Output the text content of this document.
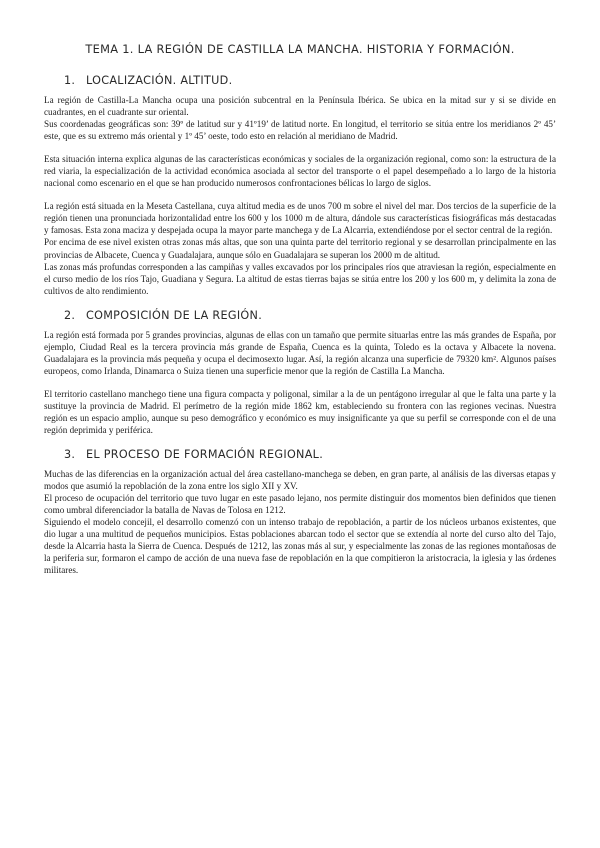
TEMA 1. LA REGIÓN DE CASTILLA LA MANCHA. HISTORIA Y FORMACIÓN.
1. LOCALIZACIÓN. ALTITUD.

La región de Castilla-La Mancha ocupa una posición subcentral en la Península Ibérica. Se ubica en la mitad sur y si se divide en cuadrantes, en el cuadrante sur oriental.

Sus coordenadas geográficas son: 39º de latitud sur y 41º19’ de latitud norte. En longitud, el territorio se sitúa entre los meridianos 2º 45’ este, que es su extremo más oriental y 1º 45’ oeste, todo esto en relación al meridiano de Madrid.

Esta situación interna explica algunas de las características económicas y sociales de la organización regional, como son: la estructura de la red viaria, la especialización de la actividad económica asociada al sector del transporte o el papel desempeñado a lo largo de la historia nacional como escenario en el que se han producido numerosos confrontaciones bélicas lo largo de siglos.

La región está situada en la Meseta Castellana, cuya altitud media es de unos 700 m sobre el nivel del mar. Dos tercios de la superficie de la región tienen una pronunciada horizontalidad entre los 600 y los 1000 m de altura, dándole sus características fisiográficas más destacadas y famosas. Esta zona maciza y despejada ocupa la mayor parte manchega y de La Alcarria, extendiéndose por el sector central de la región.

Por encima de ese nivel existen otras zonas más altas, que son una quinta parte del territorio regional y se desarrollan principalmente en las provincias de Albacete, Cuenca y Guadalajara, aunque sólo en Guadalajara se superan los 2000 m de altitud.

Las zonas más profundas corresponden a las campiñas y valles excavados por los principales ríos que atraviesan la región, especialmente en el curso medio de los ríos Tajo, Guadiana y Segura. La altitud de estas tierras bajas se sitúa entre los 200 y los 600 m, y delimita la zona de cultivos de alto rendimiento.

2. COMPOSICIÓN DE LA REGIÓN.

La región está formada por 5 grandes provincias, algunas de ellas con un tamaño que permite situarlas entre las más grandes de España, por ejemplo, Ciudad Real es la tercera provincia más grande de España, Cuenca es la quinta, Toledo es la octava y Albacete la novena. Guadalajara es la provincia más pequeña y ocupa el decimosexto lugar. Así, la región alcanza una superficie de 79320 km². Algunos países europeos, como Irlanda, Dinamarca o Suiza tienen una superficie menor que la región de Castilla La Mancha.

El territorio castellano manchego tiene una figura compacta y poligonal, similar a la de un pentágono irregular al que le falta una parte y la sustituye la provincia de Madrid. El perímetro de la región mide 1862 km, estableciendo su frontera con las regiones vecinas. Nuestra región es un espacio amplio, aunque su peso demográfico y económico es muy insignificante ya que su perfil se corresponde con el de una región deprimida y periférica.

3. EL PROCESO DE FORMACIÓN REGIONAL.

Muchas de las diferencias en la organización actual del área castellano-manchega se deben, en gran parte, al análisis de las diversas etapas y modos que asumió la repoblación de la zona entre los siglo XII y XV.

El proceso de ocupación del territorio que tuvo lugar en este pasado lejano, nos permite distinguir dos momentos bien definidos que tienen como umbral diferenciador la batalla de Navas de Tolosa en 1212.

Siguiendo el modelo concejil, el desarrollo comenzó con un intenso trabajo de repoblación, a partir de los núcleos urbanos existentes, que dio lugar a una multitud de pequeños municipios. Estas poblaciones abarcan todo el sector que se extendía al norte del curso alto del Tajo, desde la Alcarria hasta la Sierra de Cuenca. Después de 1212, las zonas más al sur, y especialmente las zonas de las regiones montañosas de la periferia sur, formaron el campo de acción de una nueva fase de repoblación en la que compitieron la aristocracia, la iglesia y las órdenes militares.
